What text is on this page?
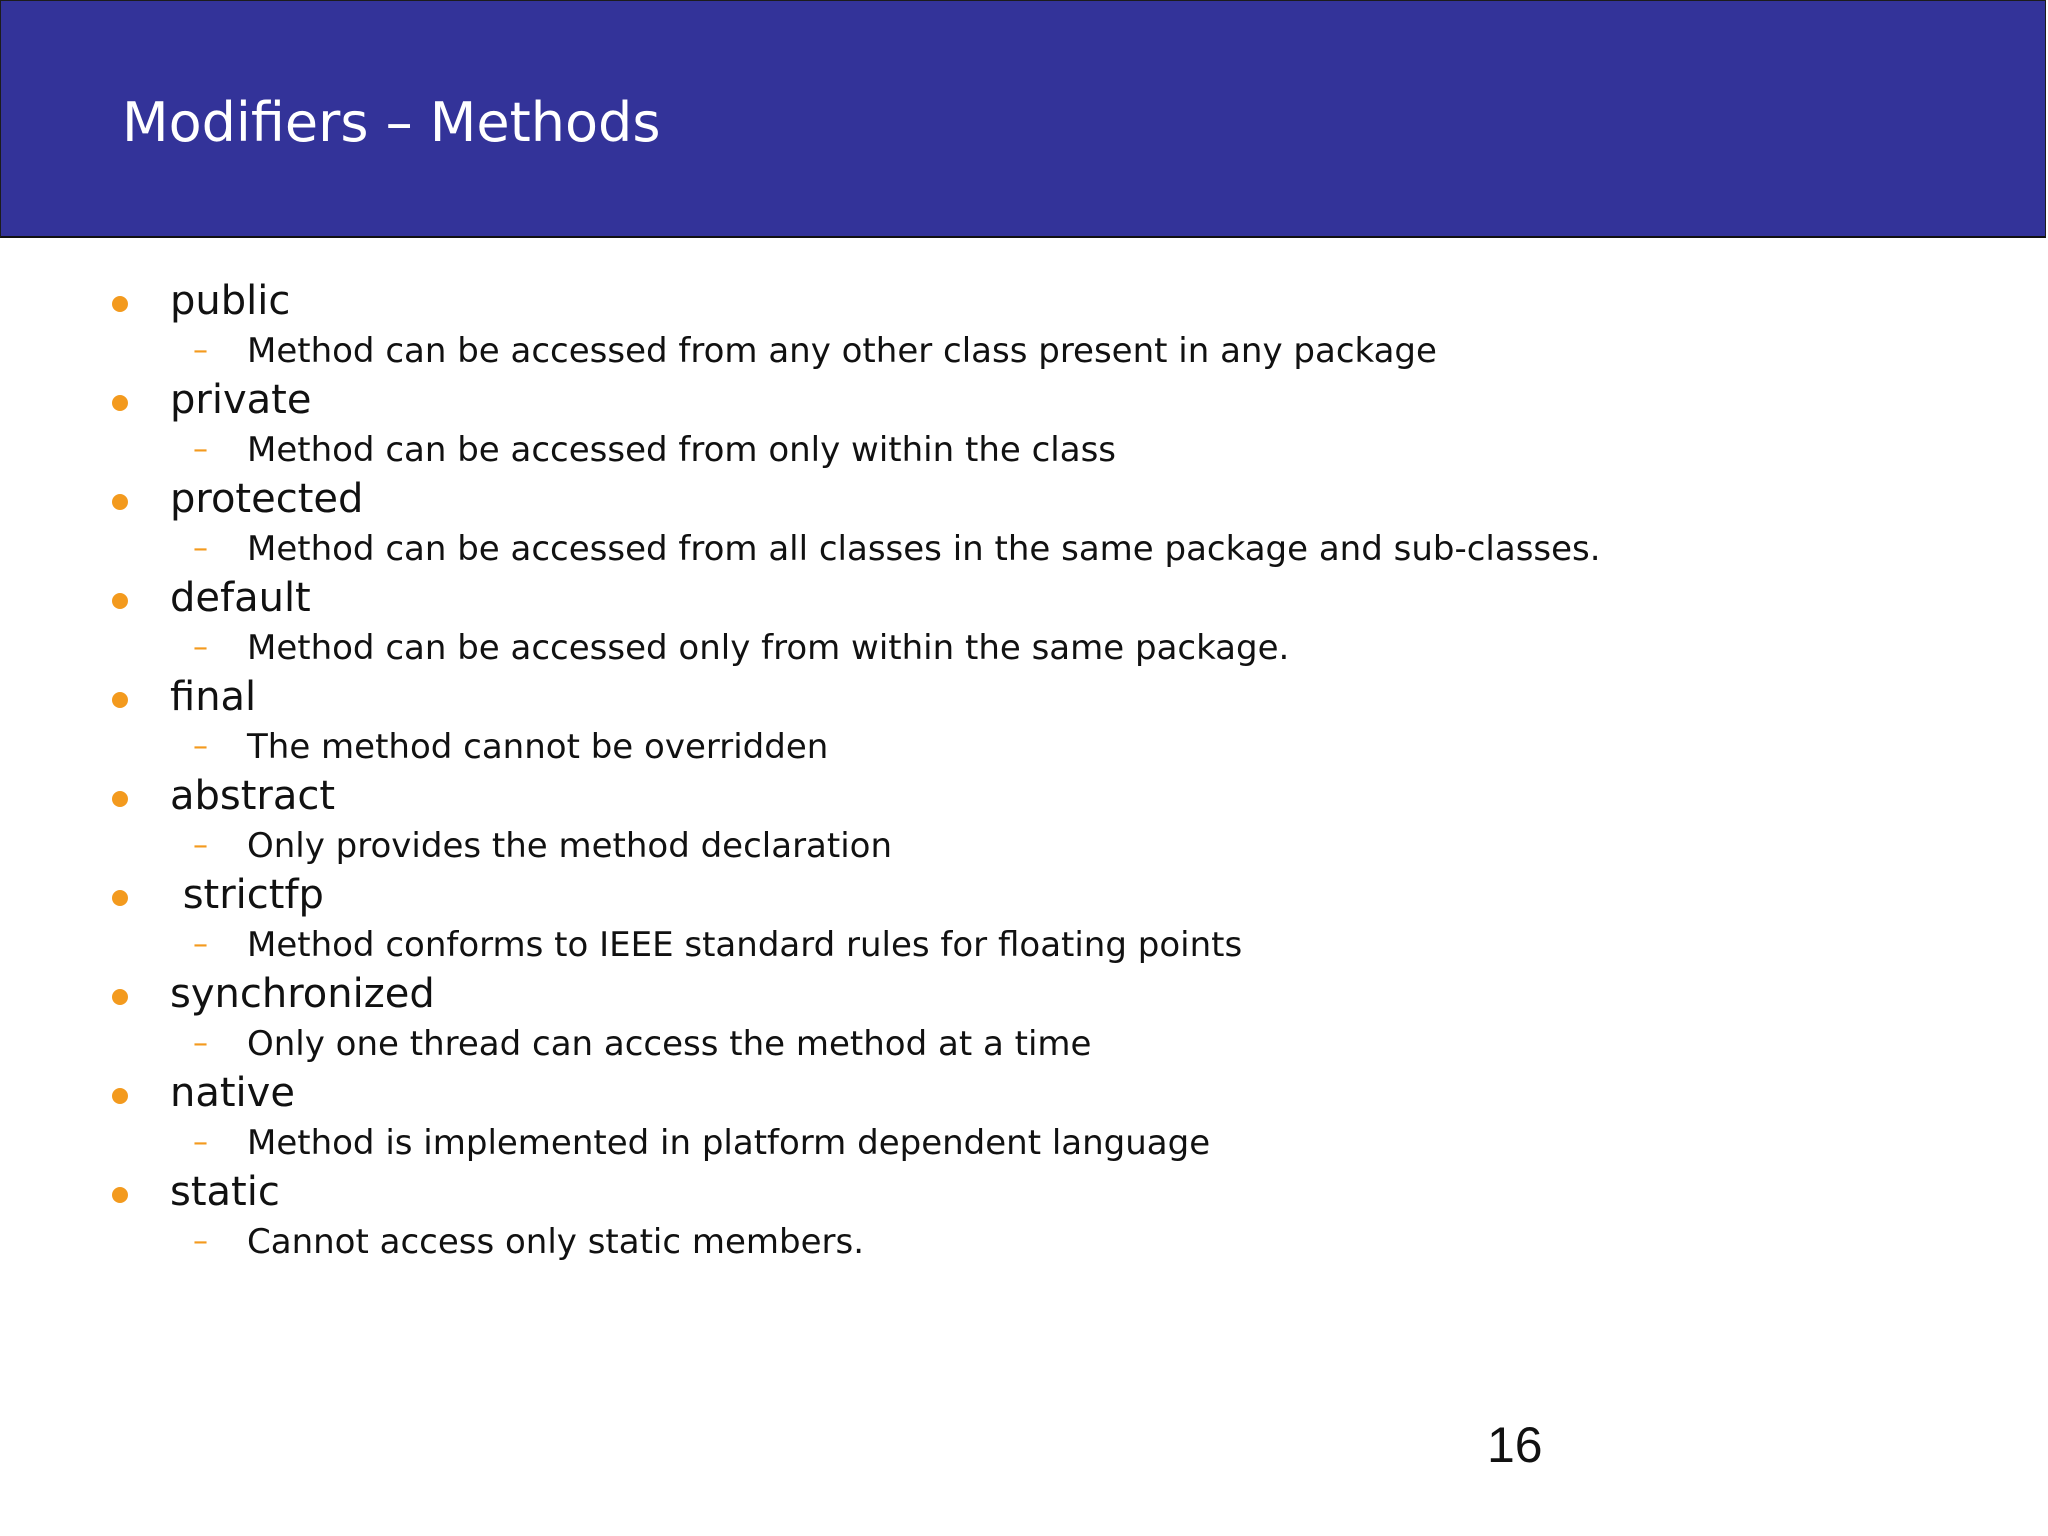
Modifiers – Methods

public

– Method can be accessed from any other class present in any package

private

– Method can be accessed from only within the class

protected

– Method can be accessed from all classes in the same package and sub-classes.

default

– Method can be accessed only from within the same package.

final

– The method cannot be overridden

abstract

– Only provides the method declaration

strictfp

– Method conforms to IEEE standard rules for floating points

synchronized

– Only one thread can access the method at a time

native

– Method is implemented in platform dependent language

static

– Cannot access only static members.

16
